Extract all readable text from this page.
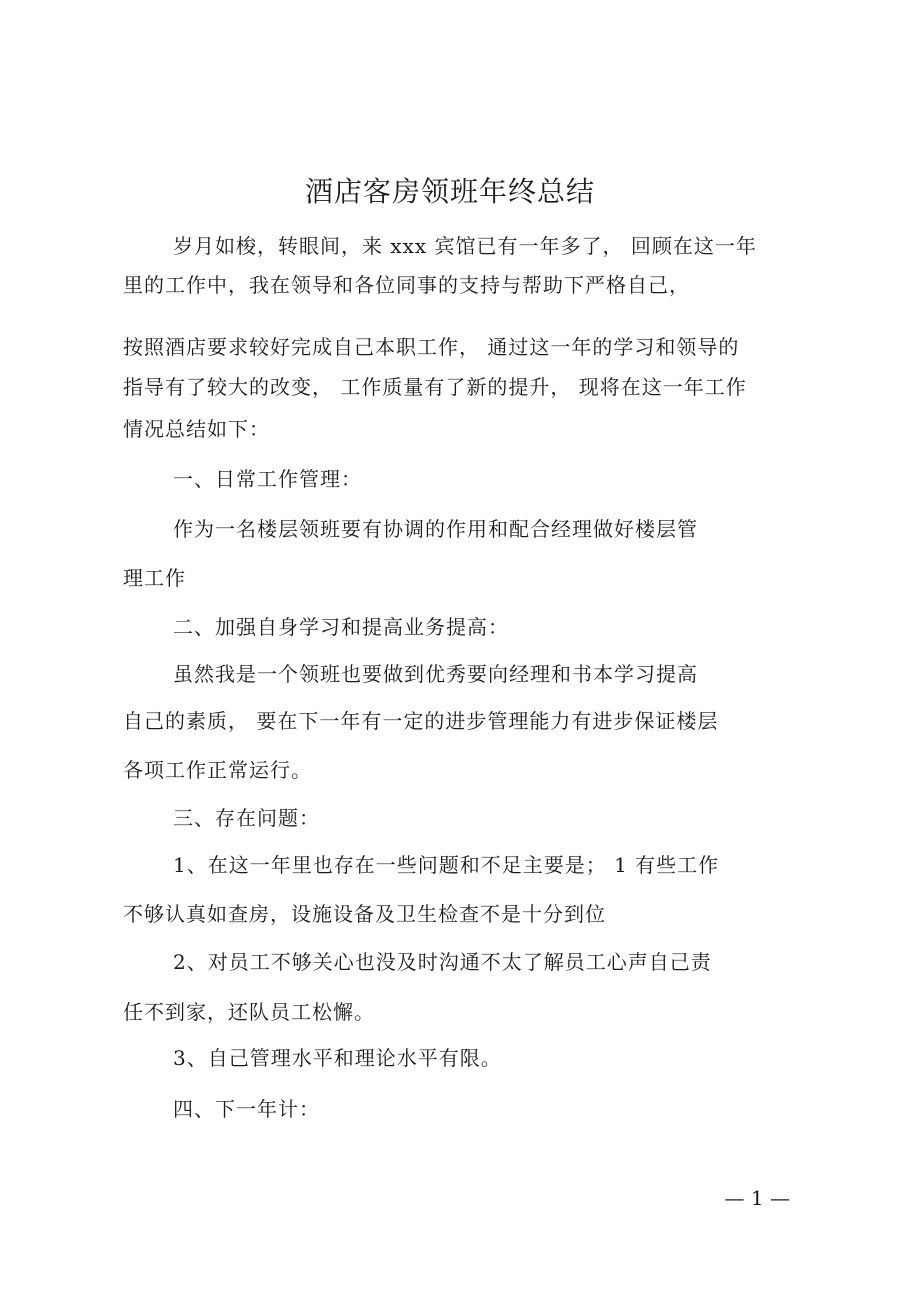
酒店客房领班年终总结
岁月如梭，转眼间，来 xxx 宾馆已有一年多了， 回顾在这一年
里的工作中，我在领导和各位同事的支持与帮助下严格自己，
按照酒店要求较好完成自己本职工作， 通过这一年的学习和领导的
指导有了较大的改变， 工作质量有了新的提升， 现将在这一年工作
情况总结如下：
一、日常工作管理：
作为一名楼层领班要有协调的作用和配合经理做好楼层管
理工作
二、加强自身学习和提高业务提高：
虽然我是一个领班也要做到优秀要向经理和书本学习提高
自己的素质， 要在下一年有一定的进步管理能力有进步保证楼层
各项工作正常运行。
三、存在问题：
1、在这一年里也存在一些问题和不足主要是； 1 有些工作
不够认真如查房，设施设备及卫生检查不是十分到位
2、对员工不够关心也没及时沟通不太了解员工心声自己责
任不到家，还队员工松懈。
3、自己管理水平和理论水平有限。
四、下一年计：
— 1 —
